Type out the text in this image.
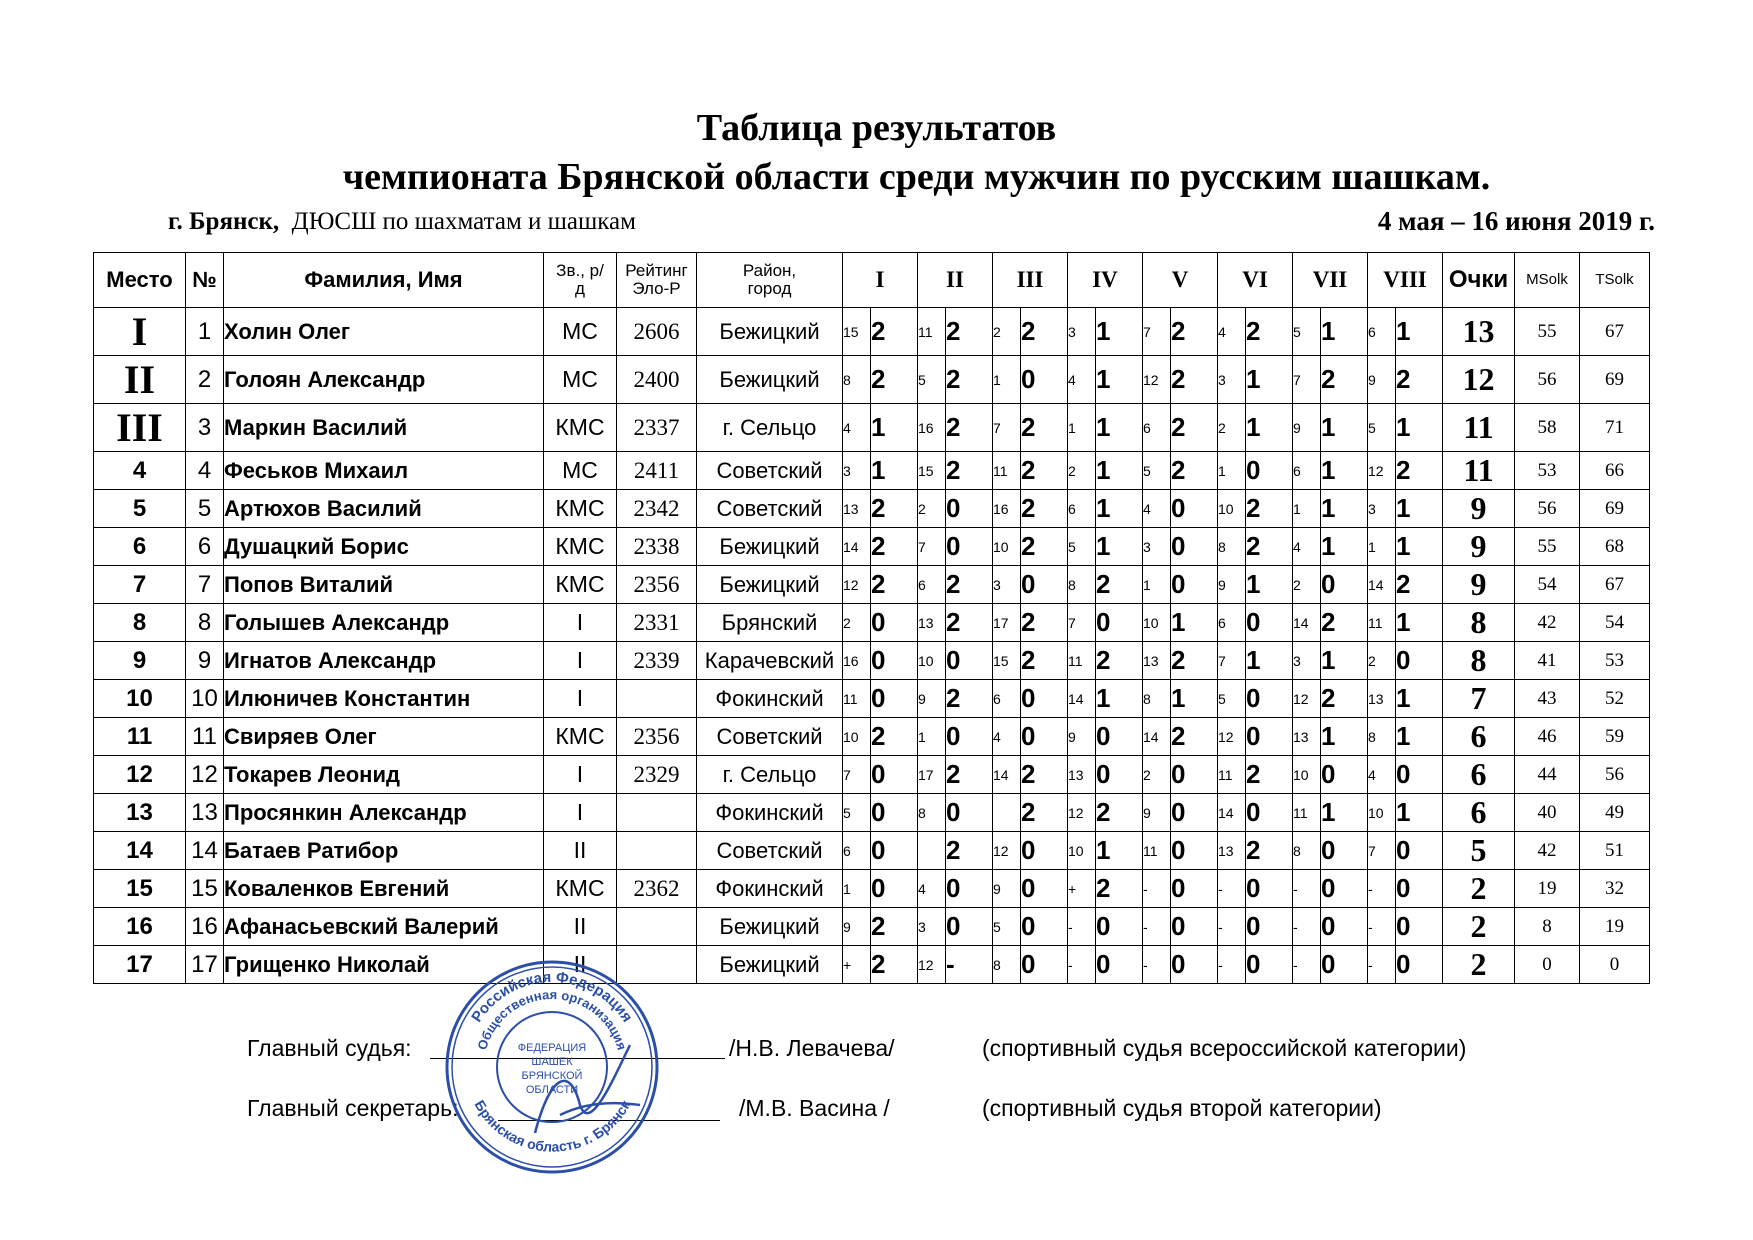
Таблица результатов
чемпионата Брянской области среди мужчин по русским шашкам.
г. Брянск, ДЮСШ по шахматам и шашкам	4 мая – 16 июня 2019 г.
Место	№	Фамилия, Имя	Зв., р/д	Рейтинг Эло-Р	Район, город	I		II		III		IV		V		VI		VII		VIII		Очки	MSolk	TSolk
I	1	Холин Олег	МС	2606	Бежицкий	15	2	11	2	2	2	3	1	7	2	4	2	5	1	6	1	13	55	67
II	2	Голоян Александр	МС	2400	Бежицкий	8	2	5	2	1	0	4	1	12	2	3	1	7	2	9	2	12	56	69
III	3	Маркин Василий	КМС	2337	г. Сельцо	4	1	16	2	7	2	1	1	6	2	2	1	9	1	5	1	11	58	71
4	4	Феськов Михаил	МС	2411	Советский	3	1	15	2	11	2	2	1	5	2	1	0	6	1	12	2	11	53	66
5	5	Артюхов Василий	КМС	2342	Советский	13	2	2	0	16	2	6	1	4	0	10	2	1	1	3	1	9	56	69
6	6	Душацкий Борис	КМС	2338	Бежицкий	14	2	7	0	10	2	5	1	3	0	8	2	4	1	1	1	9	55	68
7	7	Попов Виталий	КМС	2356	Бежицкий	12	2	6	2	3	0	8	2	1	0	9	1	2	0	14	2	9	54	67
8	8	Голышев Александр	I	2331	Брянский	2	0	13	2	17	2	7	0	10	1	6	0	14	2	11	1	8	42	54
9	9	Игнатов Александр	I	2339	Карачевский	16	0	10	0	15	2	11	2	13	2	7	1	3	1	2	0	8	41	53
10	10	Илюничев Константин	I		Фокинский	11	0	9	2	6	0	14	1	8	1	5	0	12	2	13	1	7	43	52
11	11	Свиряев Олег	КМС	2356	Советский	10	2	1	0	4	0	9	0	14	2	12	0	13	1	8	1	6	46	59
12	12	Токарев Леонид	I	2329	г. Сельцо	7	0	17	2	14	2	13	0	2	0	11	2	10	0	4	0	6	44	56
13	13	Просянкин Александр	I		Фокинский	5	0	8	0		2	12	2	9	0	14	0	11	1	10	1	6	40	49
14	14	Батаев Ратибор	II		Советский	6	0		2	12	0	10	1	11	0	13	2	8	0	7	0	5	42	51
15	15	Коваленков Евгений	КМС	2362	Фокинский	1	0	4	0	9	0	+	2	-	0	-	0	-	0	-	0	2	19	32
16	16	Афанасьевский Валерий	II		Бежицкий	9	2	3	0	5	0	-	0	-	0	-	0	-	0	-	0	2	8	19
17	17	Грищенко Николай	II		Бежицкий	+	2	12	-	8	0	-	0	-	0	-	0	-	0	-	0	2	0	0
Главный судья:	/Н.В. Левачева/	(спортивный судья всероссийской категории)
Главный секретарь:	/М.В. Васина /	(спортивный судья второй категории)
Российская Федерация
Общественная организация
Брянская область г. Брянск
ФЕДЕРАЦИЯ
ШАШЕК
БРЯНСКОЙ
ОБЛАСТИ
